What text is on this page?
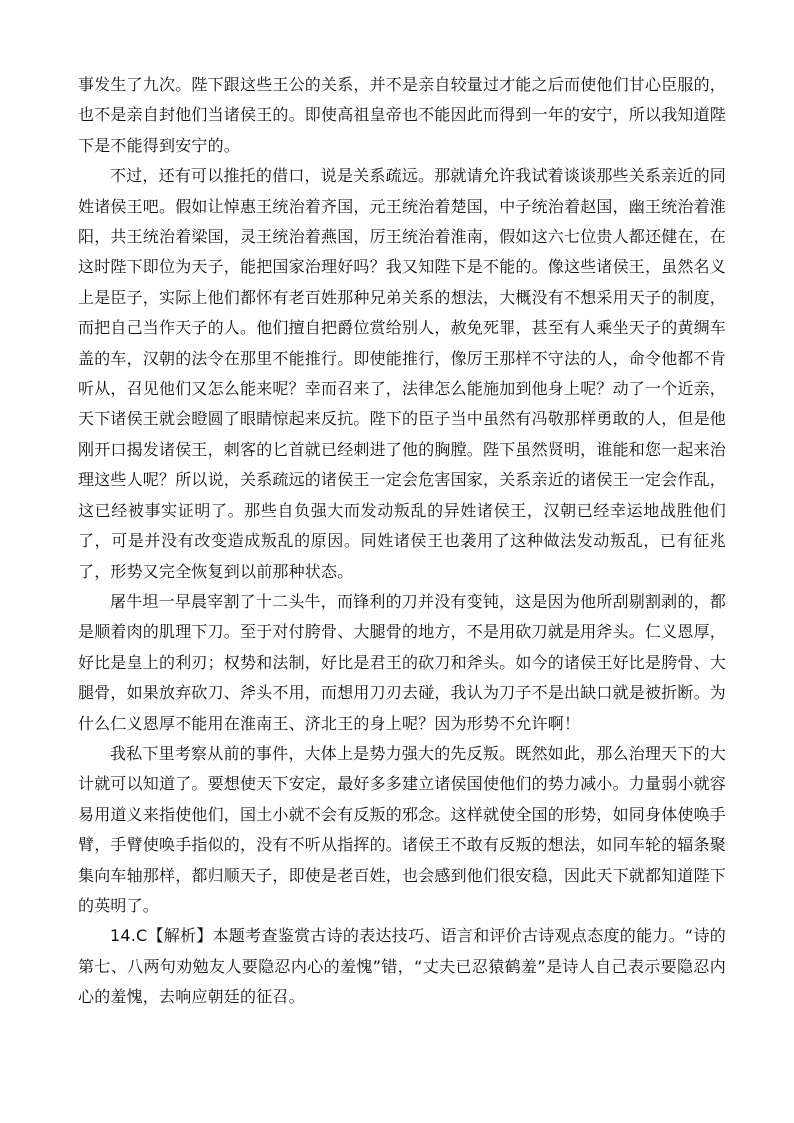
事发生了九次。陛下跟这些王公的关系，并不是亲自较量过才能之后而使他们甘心臣服的，也不是亲自封他们当诸侯王的。即使高祖皇帝也不能因此而得到一年的安宁，所以我知道陛下是不能得到安宁的。

不过，还有可以推托的借口，说是关系疏远。那就请允许我试着谈谈那些关系亲近的同姓诸侯王吧。假如让悼惠王统治着齐国，元王统治着楚国，中子统治着赵国，幽王统治着淮阳，共王统治着梁国，灵王统治着燕国，厉王统治着淮南，假如这六七位贵人都还健在，在这时陛下即位为天子，能把国家治理好吗？我又知陛下是不能的。像这些诸侯王，虽然名义上是臣子，实际上他们都怀有老百姓那种兄弟关系的想法，大概没有不想采用天子的制度，而把自己当作天子的人。他们擅自把爵位赏给别人，赦免死罪，甚至有人乘坐天子的黄绸车盖的车，汉朝的法令在那里不能推行。即使能推行，像厉王那样不守法的人，命令他都不肯听从，召见他们又怎么能来呢？幸而召来了，法律怎么能施加到他身上呢？动了一个近亲，天下诸侯王就会瞪圆了眼睛惊起来反抗。陛下的臣子当中虽然有冯敬那样勇敢的人，但是他刚开口揭发诸侯王，刺客的匕首就已经刺进了他的胸膛。陛下虽然贤明，谁能和您一起来治理这些人呢？所以说，关系疏远的诸侯王一定会危害国家，关系亲近的诸侯王一定会作乱，这已经被事实证明了。那些自负强大而发动叛乱的异姓诸侯王，汉朝已经幸运地战胜他们了，可是并没有改变造成叛乱的原因。同姓诸侯王也袭用了这种做法发动叛乱，已有征兆了，形势又完全恢复到以前那种状态。

屠牛坦一早晨宰割了十二头牛，而锋利的刀并没有变钝，这是因为他所刮剔割剥的，都是顺着肉的肌理下刀。至于对付胯骨、大腿骨的地方，不是用砍刀就是用斧头。仁义恩厚，好比是皇上的利刃；权势和法制，好比是君王的砍刀和斧头。如今的诸侯王好比是胯骨、大腿骨，如果放弃砍刀、斧头不用，而想用刀刃去碰，我认为刀子不是出缺口就是被折断。为什么仁义恩厚不能用在淮南王、济北王的身上呢？因为形势不允许啊！

我私下里考察从前的事件，大体上是势力强大的先反叛。既然如此，那么治理天下的大计就可以知道了。要想使天下安定，最好多多建立诸侯国使他们的势力减小。力量弱小就容易用道义来指使他们，国土小就不会有反叛的邪念。这样就使全国的形势，如同身体使唤手臂，手臂使唤手指似的，没有不听从指挥的。诸侯王不敢有反叛的想法，如同车轮的辐条聚集向车轴那样，都归顺天子，即使是老百姓，也会感到他们很安稳，因此天下就都知道陛下的英明了。

14.C【解析】本题考查鉴赏古诗的表达技巧、语言和评价古诗观点态度的能力。“诗的第七、八两句劝勉友人要隐忍内心的羞愧”错，“丈夫已忍猿鹤羞”是诗人自己表示要隐忍内心的羞愧，去响应朝廷的征召。
